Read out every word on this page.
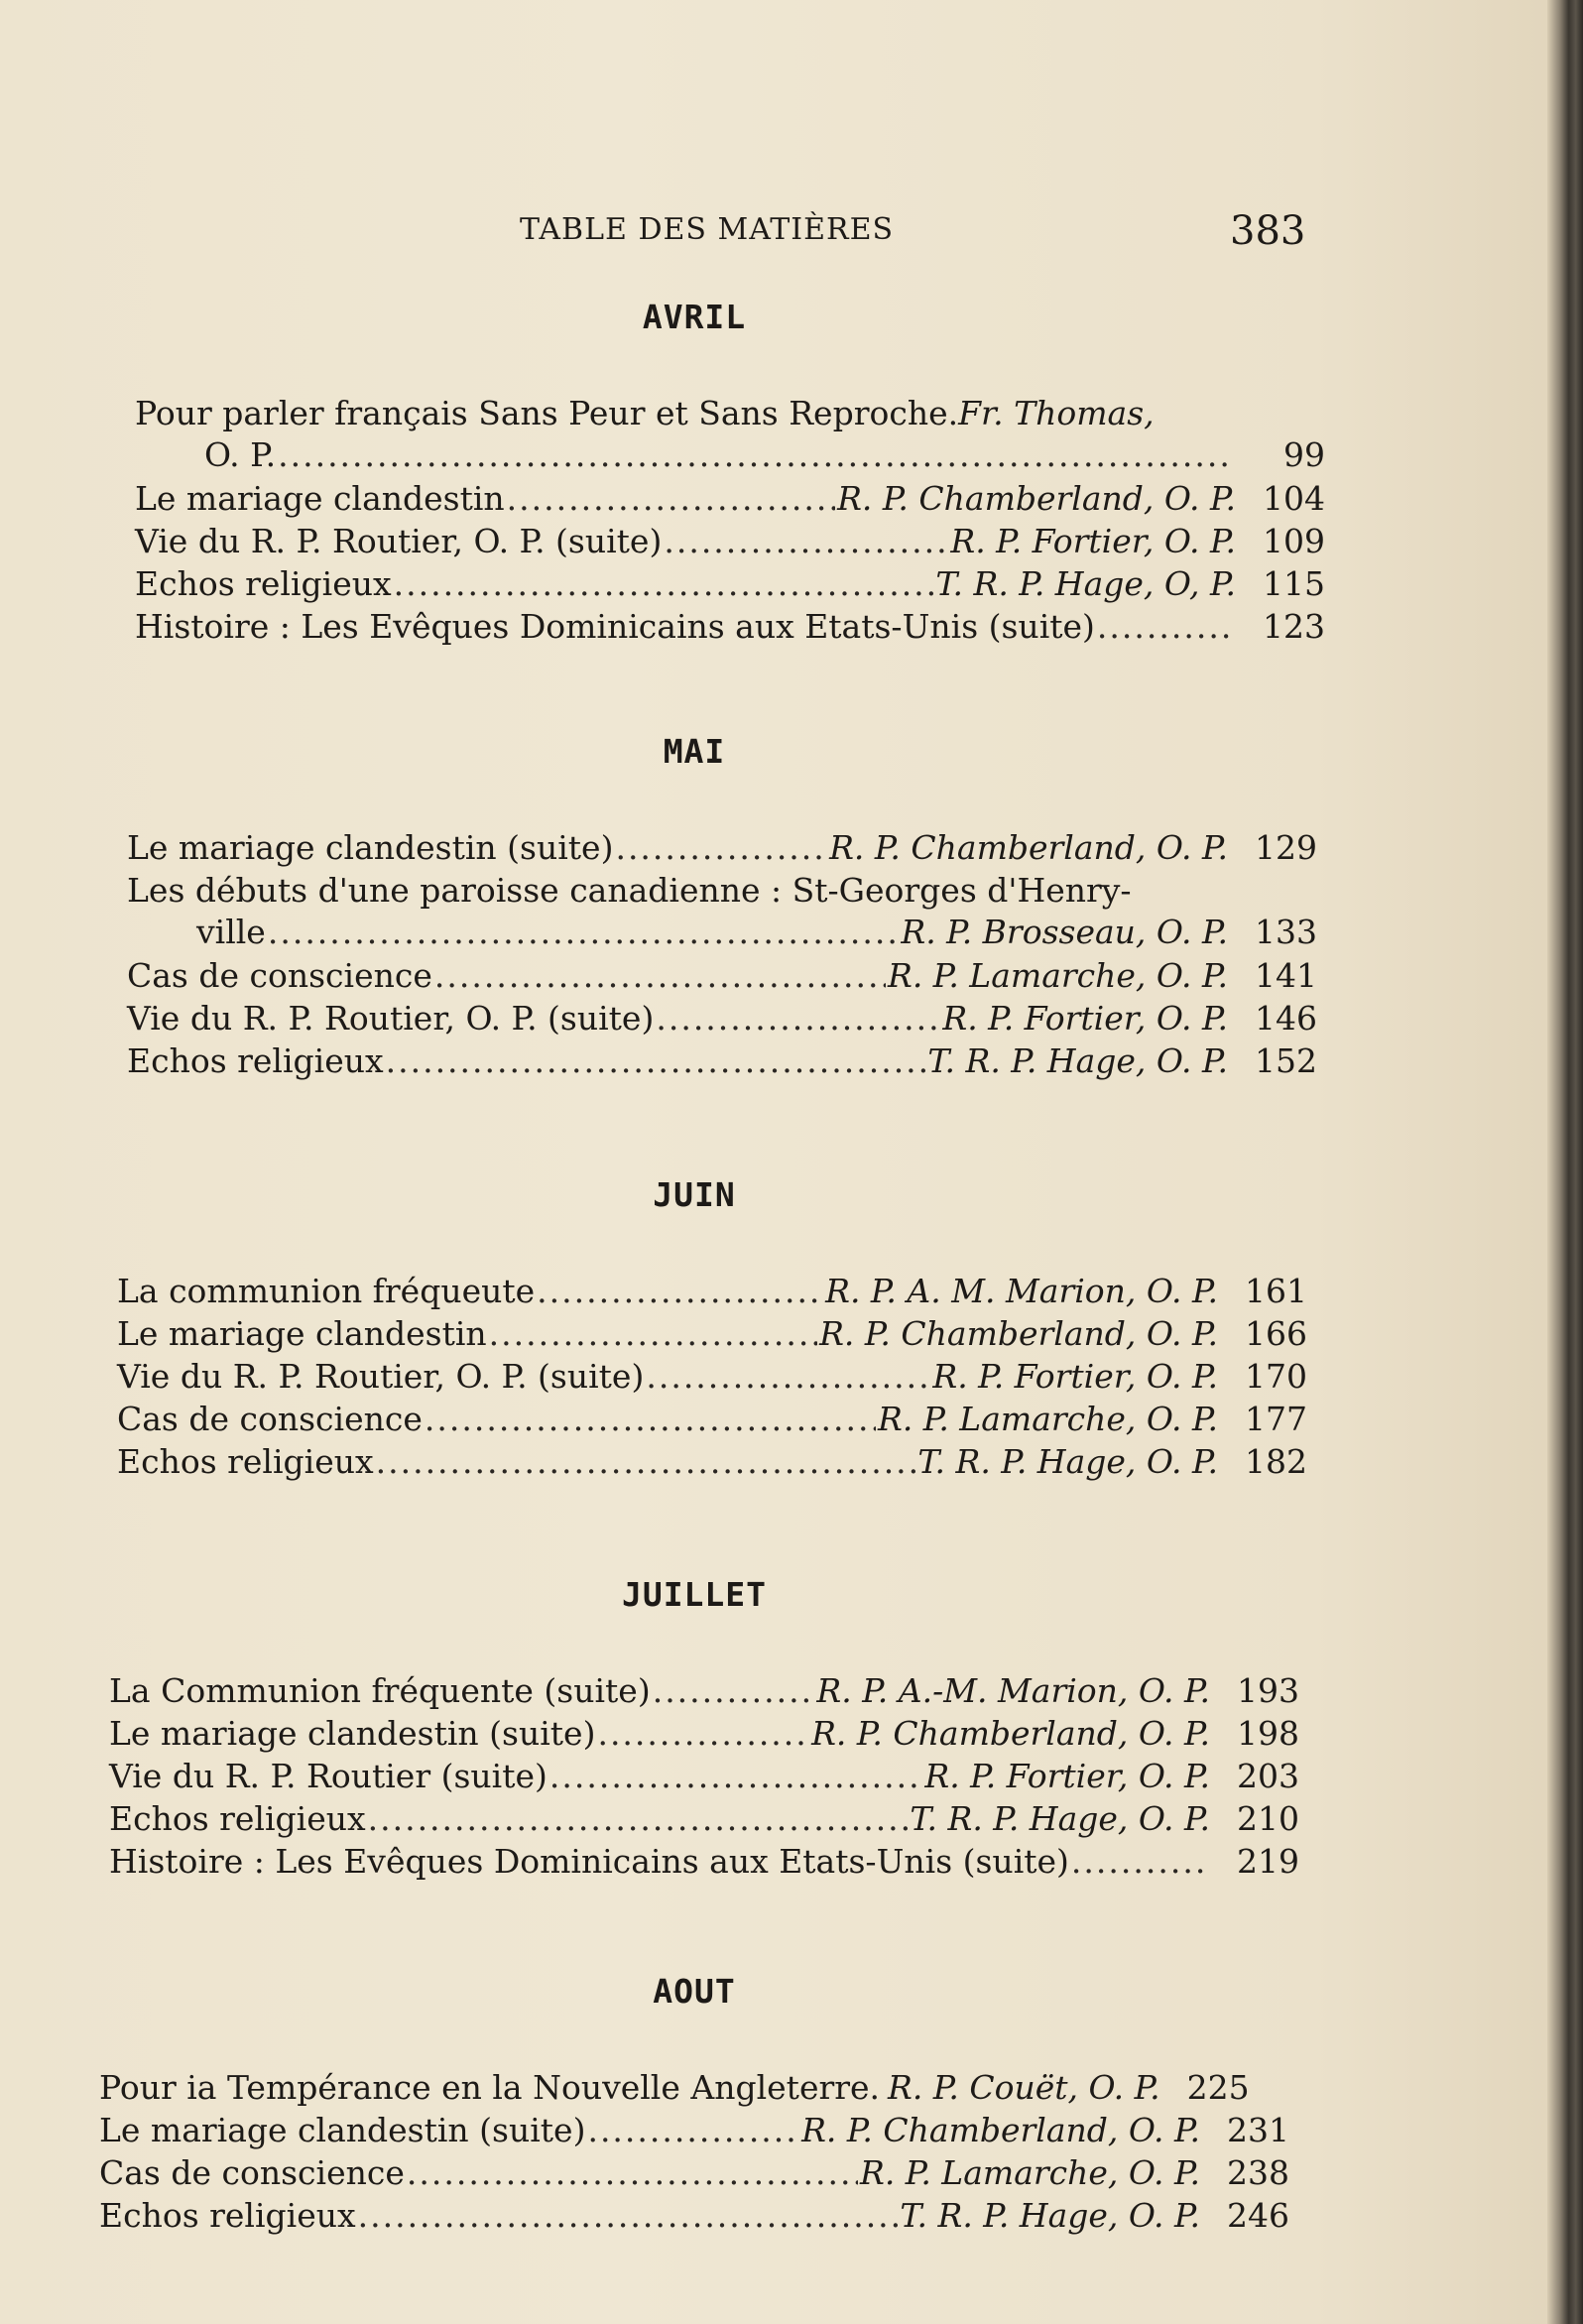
TABLE DES MATIÈRES	383
AVRIL
Pour parler français Sans Peur et Sans Reproche.Fr. Thomas,
O. P. .....	99
Le mariage clandestin .....	R. P. Chamberland, O. P. 104
Vie du R. P. Routier, O. P. (suite) .....	R. P. Fortier, O. P. 109
Echos religieux .....	T. R. P. Hage, O, P. 115
Histoire : Les Evêques Dominicains aux Etats-Unis (suite) .....	123
MAI
Le mariage clandestin (suite) .....	R. P. Chamberland, O. P. 129
Les débuts d'une paroisse canadienne : St-Georges d'Henry-
ville .....	R. P. Brosseau, O. P. 133
Cas de conscience .....	R. P. Lamarche, O. P. 141
Vie du R. P. Routier, O. P. (suite) .....	R. P. Fortier, O. P. 146
Echos religieux .....	T. R. P. Hage, O. P. 152
JUIN
La communion fréqueute .....	R. P. A. M. Marion, O. P. 161
Le mariage clandestin .....	R. P. Chamberland, O. P. 166
Vie du R. P. Routier, O. P. (suite) .....	R. P. Fortier, O. P. 170
Cas de conscience .....	R. P. Lamarche, O. P. 177
Echos religieux .....	T. R. P. Hage, O. P. 182
JUILLET
La Communion fréquente (suite) .....	R. P. A.-M. Marion, O. P. 193
Le mariage clandestin (suite) .....	R. P. Chamberland, O. P. 198
Vie du R. P. Routier (suite) .....	R. P. Fortier, O. P. 203
Echos religieux .....	T. R. P. Hage, O. P. 210
Histoire : Les Evêques Dominicains aux Etats-Unis (suite) .....	219
AOUT
Pour ia Tempérance en la Nouvelle Angleterre. R. P. Couët, O. P. 225
Le mariage clandestin (suite) .....	R. P. Chamberland, O. P. 231
Cas de conscience .....	R. P. Lamarche, O. P. 238
Echos religieux .....	T. R. P. Hage, O. P. 246
